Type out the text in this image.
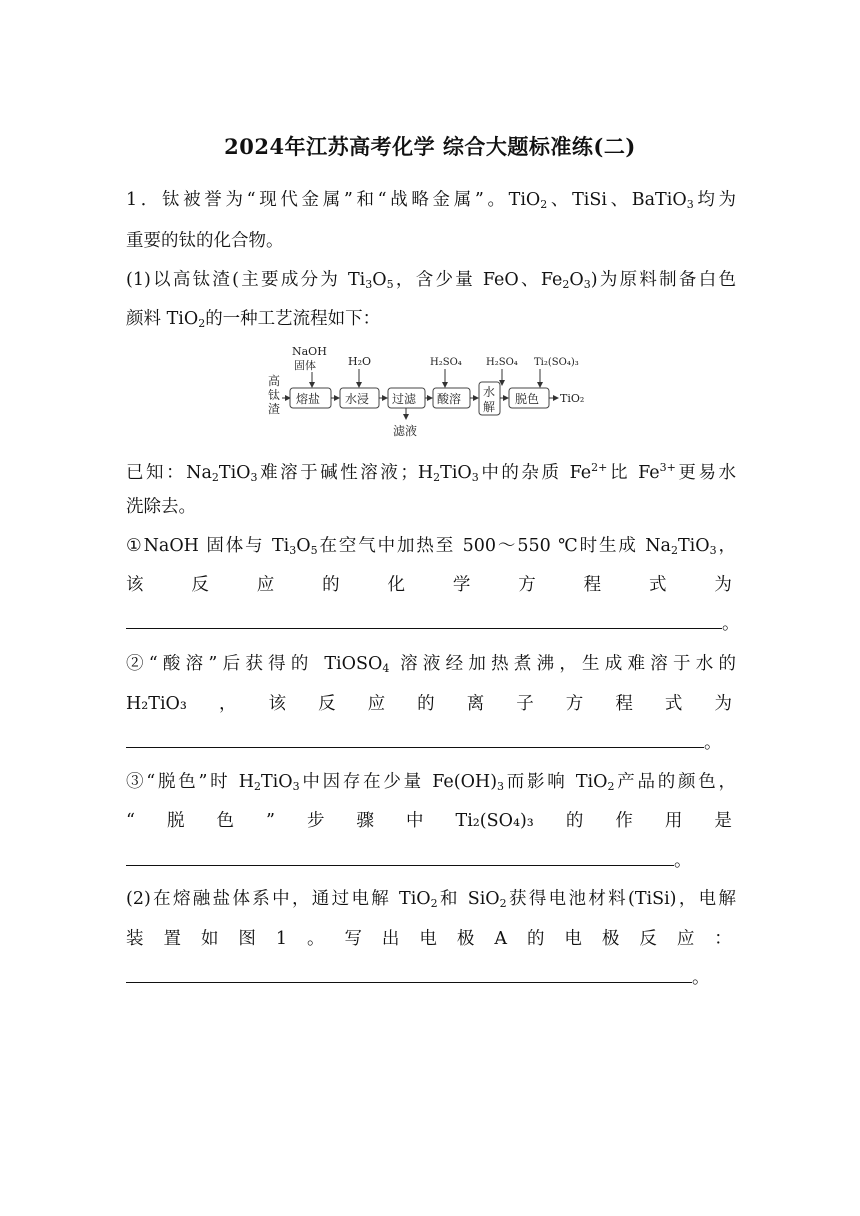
2024年江苏高考化学 综合大题标准练(二)
1．钛被誉为“现代金属”和“战略金属”。TiO$_2$、TiSi、BaTiO$_3$均为
重要的钛的化合物。
(1)以高钛渣(主要成分为 $Ti_3O_5$，含少量 FeO、$Fe_2O_3$)为原料制备白色
颜料 TiO$_2$的一种工艺流程如下：
高
钛
渣
NaOH
固体	H₂O	H₂SO₄ H₂SO₄ Ti₂(SO₄)₃
熔盐 水浸 过滤
滤液
酸溶 水
解
脱色 TiO₂
已知：$Na_2TiO_3$难溶于碱性溶液；$H_2TiO_3$中的杂质 $Fe^{2+}$比 $Fe^{3+}$更易水
洗除去。
①NaOH 固体与 $Ti_3O_5$在空气中加热至 500～550 ℃时生成 $Na_2TiO_3$，
该	反	应	的	化	学	方	程	式	为
。
②“酸溶”后获得的 TiOSO$_4$ 溶液经加热煮沸，生成难溶于水的
H₂TiO₃ ， 该 反 应 的 离 子 方 程 式 为
。
③“脱色”时 $H_2TiO_3$中因存在少量 $Fe(OH)_3$而影响 TiO$_2$产品的颜色，
“ 脱 色 ” 步 骤 中 Ti₂(SO₄)₃ 的 作 用 是
。
(2)在熔融盐体系中，通过电解 TiO$_2$和 SiO$_2$获得电池材料(TiSi)，电解
装 置 如 图 1 。 写 出 电 极 A 的 电 极 反 应 ：
。
